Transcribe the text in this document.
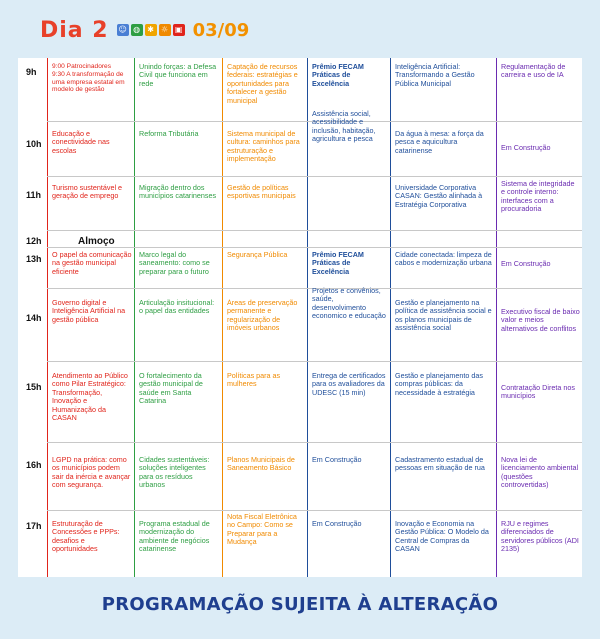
Dia 2 ☺ ◍ ✱ ☼ ▣ 03/09
9h
10h
11h
12h
13h
14h
15h
16h
17h
Almoço
9:00 Patrocinadores
9:30 A transformação de uma empresa estatal em modelo de gestão
Educação e conectividade nas escolas
Turismo sustentável e geração de emprego
O papel da comunicação na gestão municipal eficiente
Governo digital e Inteligência Artificial na gestão pública
Atendimento ao Público como Pilar Estratégico: Transformação, Inovação e Humanização da CASAN
LGPD na prática: como os municípios podem sair da inércia e avançar com segurança.
Estruturação de Concessões e PPPs: desafios e oportunidades
Unindo forças: a Defesa Civil que funciona em rede
Reforma Tributária
Migração dentro dos municípios catarinenses
Marco legal do saneamento: como se preparar para o futuro
Articulação insitucional: o papel das entidades
O fortalecimento da gestão municipal de saúde em Santa Catarina
Cidades sustentáveis: soluções inteligentes para os resíduos urbanos
Programa estadual de modernização do ambiente de negócios catarinense
Captação de recursos federais: estratégias e oportunidades para fortalecer a gestão municipal
Sistema municipal de cultura: caminhos para estruturação e implementação
Gestão de políticas esportivas municipais
Segurança Pública
Áreas de preservação permanente e regularização de imóveis urbanos
Políticas para as mulheres
Planos Municipais de Saneamento Básico
Nota Fiscal Eletrônica no Campo: Como se Preparar para a Mudança
Prêmio FECAM Práticas de Excelência
Assistência social, acessibilidade e inclusão, habitação, agricultura e pesca
Prêmio FECAM Práticas de Excelência
Projetos e convênios, saúde, desenvolvimento economico e educação
Entrega de certificados para os avaliadores da UDESC (15 min)
Em Construção
Em Construção
Inteligência Artificial: Transformando a Gestão Pública Municipal
Da água à mesa: a força da pesca e aquicultura catarinense
Universidade Corporativa CASAN: Gestão alinhada à Estratégia Corporativa
Cidade conectada: limpeza de cabos e modernização urbana
Gestão e planejamento na política de assistência social e os planos municipais de assistência social
Gestão e planejamento das compras públicas: da necessidade à estratégia
Cadastramento estadual de pessoas em situação de rua
Inovação e Economia na Gestão Pública: O Modelo da Central de Compras da CASAN
Regulamentação de carreira e uso de IA
Em Construção
Sistema de integridade e controle interno: interfaces com a procuradoria
Em Construção
Executivo fiscal de baixo valor e meios alternativos de conflitos
Contratação Direta nos municípios
Nova lei de licenciamento ambiental (questões controvertidas)
RJU e regimes diferenciados de servidores públicos (ADI 2135)
PROGRAMAÇÃO SUJEITA À ALTERAÇÃO
